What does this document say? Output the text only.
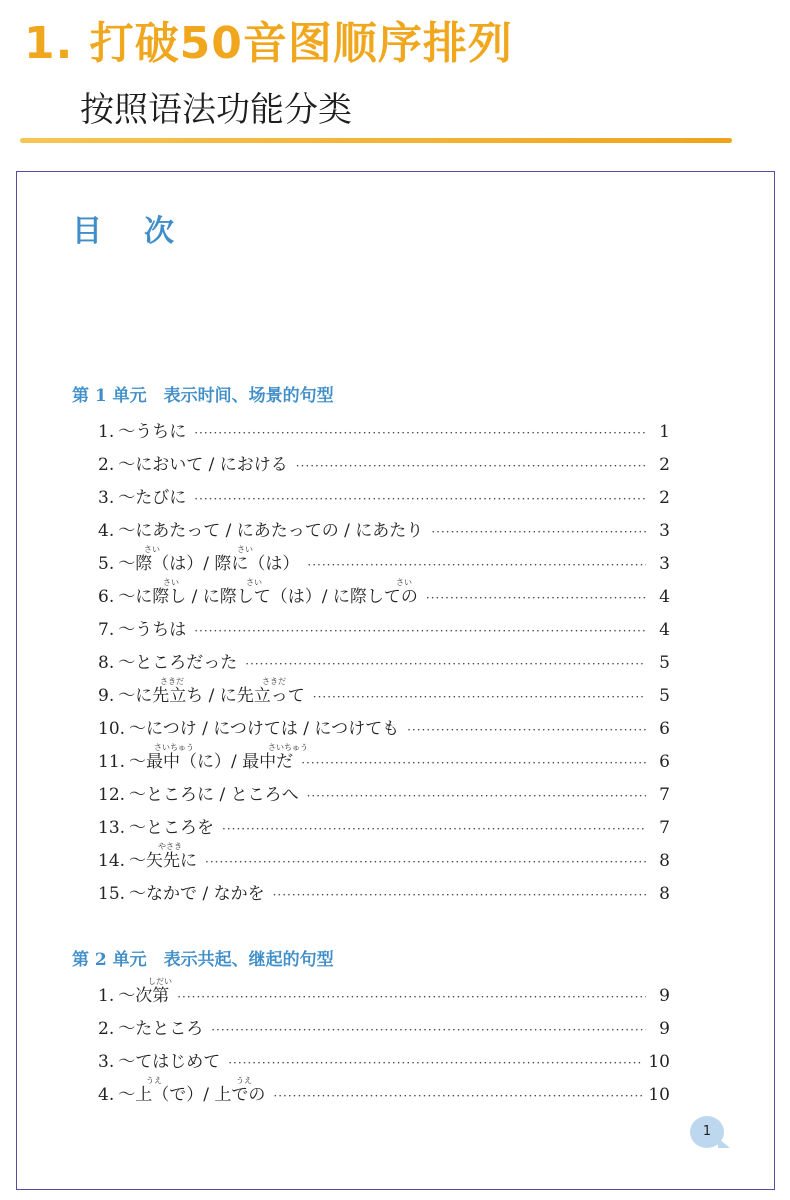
1. 打破50音图顺序排列
按照语法功能分类
目次
第 1 单元　表示时间、场景的句型
1. ～うちに ·····	1
2. ～において / における ·····	2
3. ～たびに ·····	2
4. ～にあたって / にあたっての / にあたり ·····	3
5. ～際（は）/ 際に（は） ·····	3
6. ～に際し / に際して（は）/ に際しての ·····	4
7. ～うちは ·····	4
8. ～ところだった ·····	5
9. ～に先立ち / に先立って ·····	5
10. ～につけ / につけては / につけても ·····	6
11. ～最中（に）/ 最中だ ·····	6
12. ～ところに / ところへ ·····	7
13. ～ところを ·····	7
14. ～矢先に ·····	8
15. ～なかで / なかを ·····	8
第 2 单元　表示共起、继起的句型
1. ～次第 ·····	9
2. ～たところ ·····	9
3. ～てはじめて ·····	10
4. ～上（で）/ 上での ·····	10
さい	さい
さい	さい	さい
さきだ	さきだ
さいちゅう	さいちゅう
やさき
しだい
うえ	うえ
1
